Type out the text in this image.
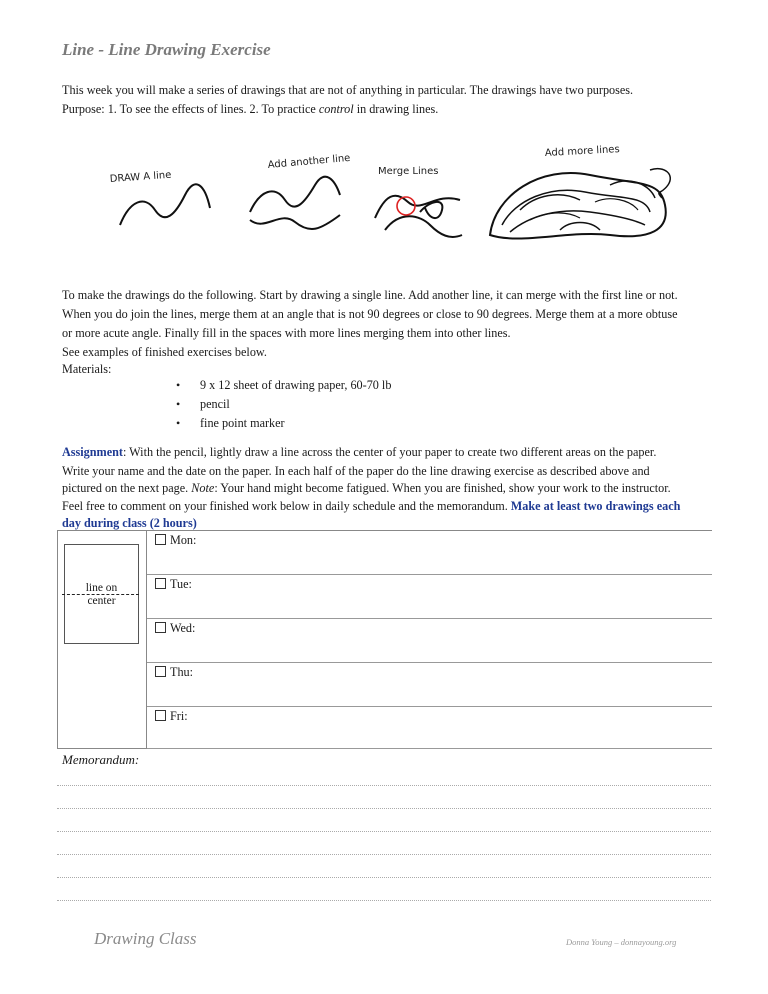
Line - Line Drawing Exercise
This week you will make a series of drawings that are not of anything in particular. The drawings have two purposes.
Purpose: 1. To see the effects of lines. 2. To practice control in drawing lines.
DRAW A line
Add another line
Merge Lines
Add more lines
To make the drawings do the following. Start by drawing a single line. Add another line, it can merge with the first line or not.
When you do join the lines, merge them at an angle that is not 90 degrees or close to 90 degrees. Merge them at a more obtuse
or more acute angle. Finally fill in the spaces with more lines merging them into other lines.
See examples of finished exercises below.
Materials:
• 9 x 12 sheet of drawing paper, 60-70 lb
• pencil
• fine point marker
Assignment: With the pencil, lightly draw a line across the center of your paper to create two different areas on the paper.
Write your name and the date on the paper. In each half of the paper do the line drawing exercise as described above and
pictured on the next page. Note: Your hand might become fatigued. When you are finished, show your work to the instructor.
Feel free to comment on your finished work below in daily schedule and the memorandum. Make at least two drawings each
day during class (2 hours)
Mon:
Tue:
Wed:
Thu:
Fri:
line on
center
Memorandum:
Drawing Class	Donna Young – donnayoung.org
